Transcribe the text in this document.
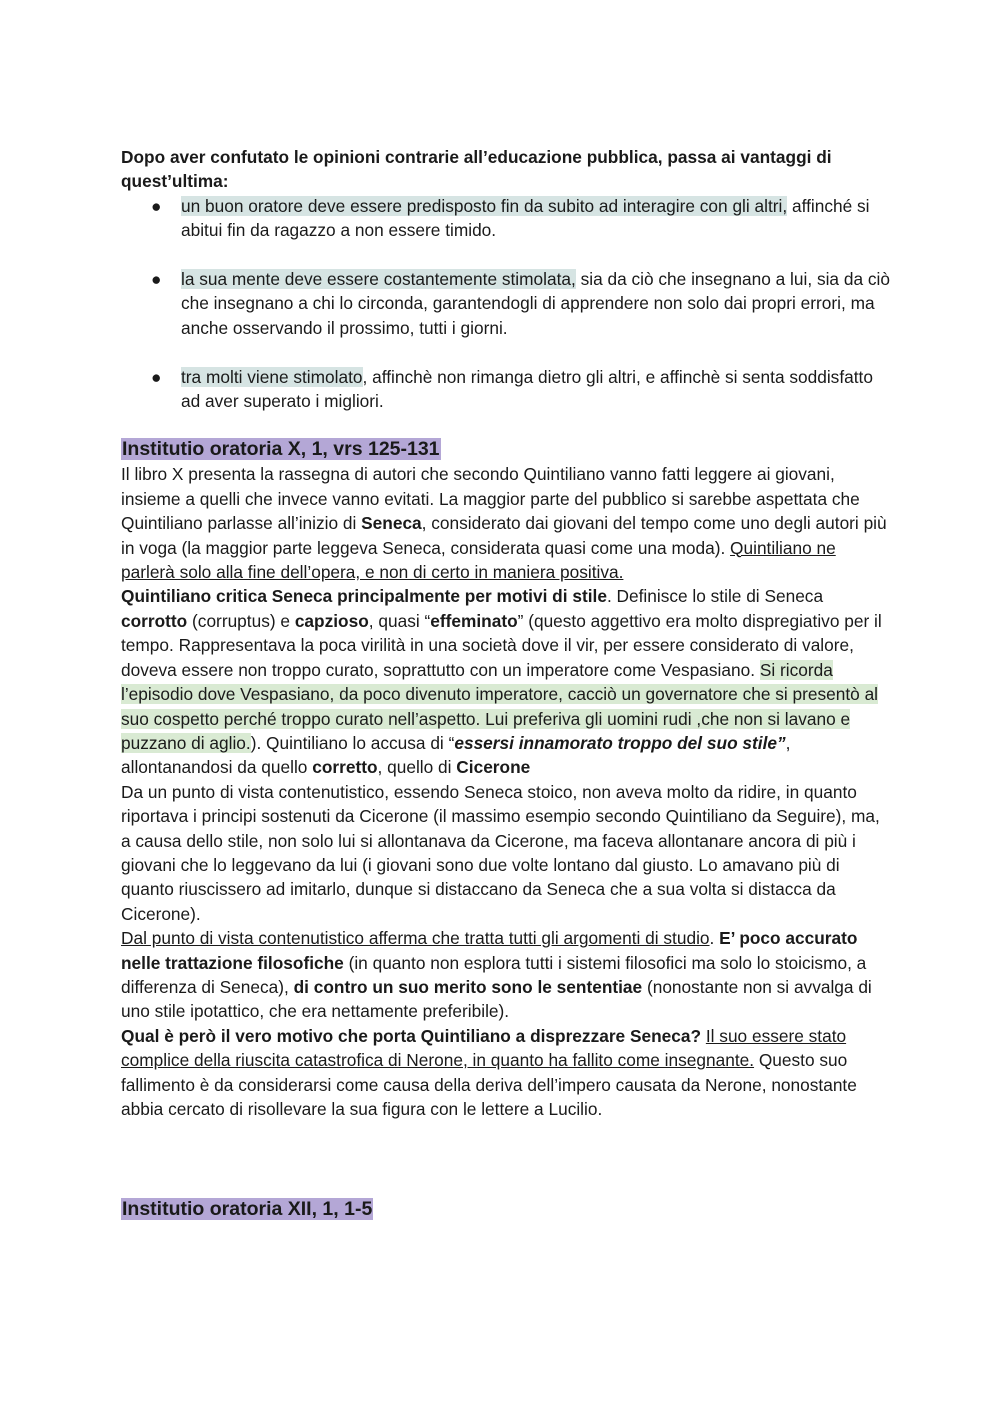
Dopo aver confutato le opinioni contrarie all’educazione pubblica, passa ai vantaggi di quest’ultima:

● un buon oratore deve essere predisposto fin da subito ad interagire con gli altri, affinché si abitui fin da ragazzo a non essere timido.
● la sua mente deve essere costantemente stimolata, sia da ciò che insegnano a lui, sia da ciò che insegnano a chi lo circonda, garantendogli di apprendere non solo dai propri errori, ma anche osservando il prossimo, tutti i giorni.
● tra molti viene stimolato, affinchè non rimanga dietro gli altri, e affinchè si senta soddisfatto ad aver superato i migliori.
Institutio oratoria X, 1, vrs 125-131

Il libro X presenta la rassegna di autori che secondo Quintiliano vanno fatti leggere ai giovani, insieme a quelli che invece vanno evitati. La maggior parte del pubblico si sarebbe aspettata che Quintiliano parlasse all’inizio di Seneca, considerato dai giovani del tempo come uno degli autori più in voga (la maggior parte leggeva Seneca, considerata quasi come una moda). Quintiliano ne parlerà solo alla fine dell’opera, e non di certo in maniera positiva.

Quintiliano critica Seneca principalmente per motivi di stile. Definisce lo stile di Seneca corrotto (corruptus) e capzioso, quasi “effeminato” (questo aggettivo era molto dispregiativo per il tempo. Rappresentava la poca virilità in una società dove il vir, per essere considerato di valore, doveva essere non troppo curato, soprattutto con un imperatore come Vespasiano. Si ricorda l’episodio dove Vespasiano, da poco divenuto imperatore, cacciò un governatore che si presentò al suo cospetto perché troppo curato nell’aspetto. Lui preferiva gli uomini rudi ,che non si lavano e puzzano di aglio.). Quintiliano lo accusa di “essersi innamorato troppo del suo stile”, allontanandosi da quello corretto, quello di Cicerone

Da un punto di vista contenutistico, essendo Seneca stoico, non aveva molto da ridire, in quanto riportava i principi sostenuti da Cicerone (il massimo esempio secondo Quintiliano da Seguire), ma, a causa dello stile, non solo lui si allontanava da Cicerone, ma faceva allontanare ancora di più i giovani che lo leggevano da lui (i giovani sono due volte lontano dal giusto. Lo amavano più di quanto riuscissero ad imitarlo, dunque si distaccano da Seneca che a sua volta si distacca da Cicerone).

Dal punto di vista contenutistico afferma che tratta tutti gli argomenti di studio. E’ poco accurato nelle trattazione filosofiche (in quanto non esplora tutti i sistemi filosofici ma solo lo stoicismo, a differenza di Seneca), di contro un suo merito sono le sententiae (nonostante non si avvalga di uno stile ipotattico, che era nettamente preferibile).

Qual è però il vero motivo che porta Quintiliano a disprezzare Seneca? Il suo essere stato complice della riuscita catastrofica di Nerone, in quanto ha fallito come insegnante. Questo suo fallimento è da considerarsi come causa della deriva dell’impero causata da Nerone, nonostante abbia cercato di risollevare la sua figura con le lettere a Lucilio.

Institutio oratoria XII, 1, 1-5
